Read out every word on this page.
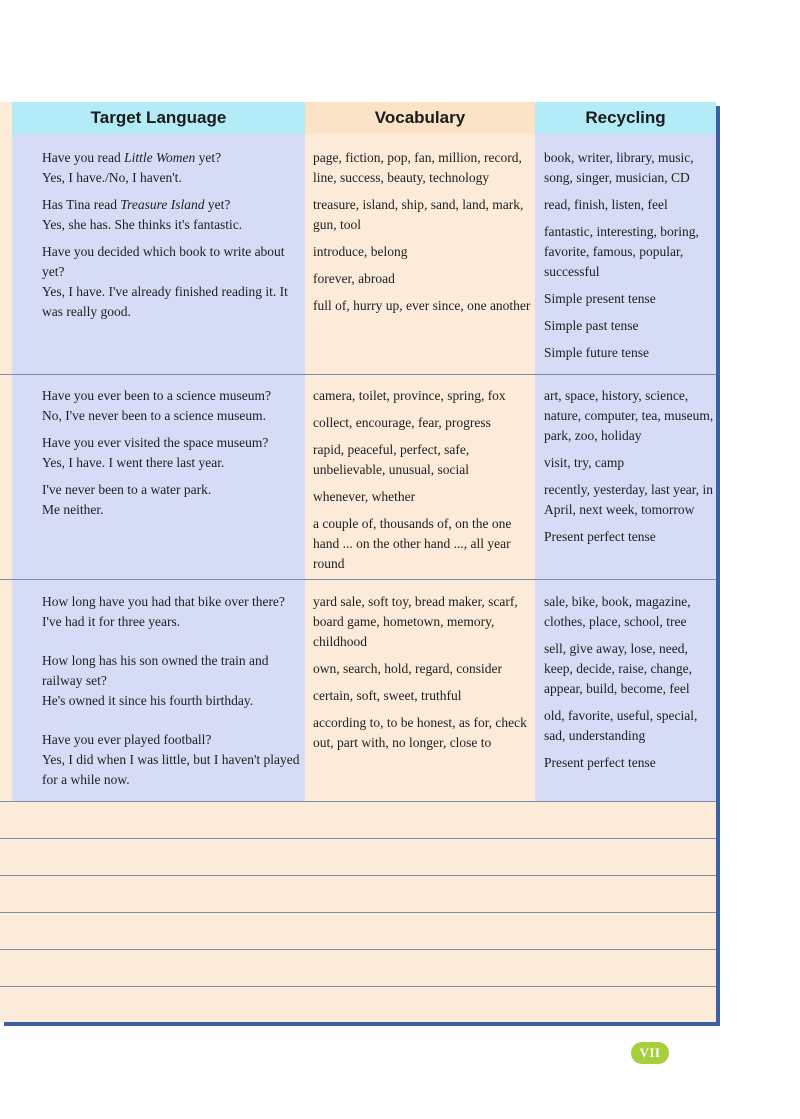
Target Language	Vocabulary	Recycling

Have you read Little Women yet?
Yes, I have./No, I haven't.

Has Tina read Treasure Island yet?
Yes, she has. She thinks it's fantastic.

Have you decided which book to write about yet?
Yes, I have. I've already finished reading it. It was really good.

page, fiction, pop, fan, million, record, line, success, beauty, technology

treasure, island, ship, sand, land, mark, gun, tool

introduce, belong

forever, abroad

full of, hurry up, ever since, one another

book, writer, library, music, song, singer, musician, CD

read, finish, listen, feel

fantastic, interesting, boring, favorite, famous, popular, successful

Simple present tense

Simple past tense

Simple future tense

Have you ever been to a science museum?
No, I've never been to a science museum.

Have you ever visited the space museum?
Yes, I have. I went there last year.

I've never been to a water park.
Me neither.

camera, toilet, province, spring, fox

collect, encourage, fear, progress

rapid, peaceful, perfect, safe, unbelievable, unusual, social

whenever, whether

a couple of, thousands of, on the one hand ... on the other hand ..., all year round

art, space, history, science, nature, computer, tea, museum, park, zoo, holiday

visit, try, camp

recently, yesterday, last year, in April, next week, tomorrow

Present perfect tense

How long have you had that bike over there?
I've had it for three years.

How long has his son owned the train and railway set?
He's owned it since his fourth birthday.

Have you ever played football?
Yes, I did when I was little, but I haven't played for a while now.

yard sale, soft toy, bread maker, scarf, board game, hometown, memory, childhood

own, search, hold, regard, consider

certain, soft, sweet, truthful

according to, to be honest, as for, check out, part with, no longer, close to

sale, bike, book, magazine, clothes, place, school, tree

sell, give away, lose, need, keep, decide, raise, change, appear, build, become, feel

old, favorite, useful, special, sad, understanding

Present perfect tense

VII
